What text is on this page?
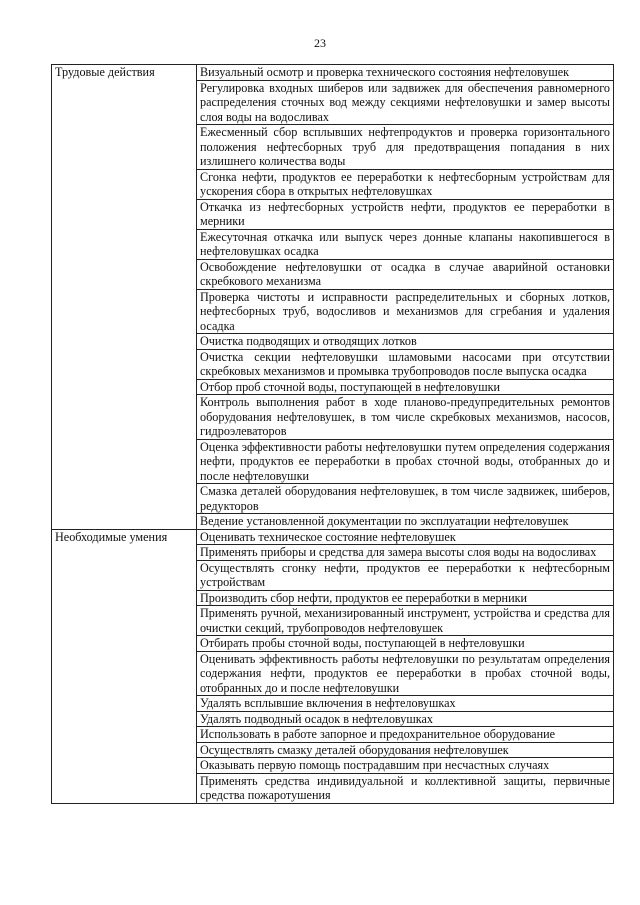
23
Трудовые действия	Визуальный осмотр и проверка технического состояния нефтеловушек
	Регулировка входных шиберов или задвижек для обеспечения равномерного распределения сточных вод между секциями нефтеловушки и замер высоты слоя воды на водосливах
	Ежесменный сбор всплывших нефтепродуктов и проверка горизонтального положения нефтесборных труб для предотвращения попадания в них излишнего количества воды
	Сгонка нефти, продуктов ее переработки к нефтесборным устройствам для ускорения сбора в открытых нефтеловушках
	Откачка из нефтесборных устройств нефти, продуктов ее переработки в мерники
	Ежесуточная откачка или выпуск через донные клапаны накопившегося в нефтеловушках осадка
	Освобождение нефтеловушки от осадка в случае аварийной остановки скребкового механизма
	Проверка чистоты и исправности распределительных и сборных лотков, нефтесборных труб, водосливов и механизмов для сгребания и удаления осадка
	Очистка подводящих и отводящих лотков
	Очистка секции нефтеловушки шламовыми насосами при отсутствии скребковых механизмов и промывка трубопроводов после выпуска осадка
	Отбор проб сточной воды, поступающей в нефтеловушки
	Контроль выполнения работ в ходе планово-предупредительных ремонтов оборудования нефтеловушек, в том числе скребковых механизмов, насосов, гидроэлеваторов
	Оценка эффективности работы нефтеловушки путем определения содержания нефти, продуктов ее переработки в пробах сточной воды, отобранных до и после нефтеловушки
	Смазка деталей оборудования нефтеловушек, в том числе задвижек, шиберов, редукторов
	Ведение установленной документации по эксплуатации нефтеловушек
Необходимые умения	Оценивать техническое состояние нефтеловушек
	Применять приборы и средства для замера высоты слоя воды на водосливах
	Осуществлять сгонку нефти, продуктов ее переработки к нефтесборным устройствам
	Производить сбор нефти, продуктов ее переработки в мерники
	Применять ручной, механизированный инструмент, устройства и средства для очистки секций, трубопроводов нефтеловушек
	Отбирать пробы сточной воды, поступающей в нефтеловушки
	Оценивать эффективность работы нефтеловушки по результатам определения содержания нефти, продуктов ее переработки в пробах сточной воды, отобранных до и после нефтеловушки
	Удалять всплывшие включения в нефтеловушках
	Удалять подводный осадок в нефтеловушках
	Использовать в работе запорное и предохранительное оборудование
	Осуществлять смазку деталей оборудования нефтеловушек
	Оказывать первую помощь пострадавшим при несчастных случаях
	Применять средства индивидуальной и коллективной защиты, первичные средства пожаротушения
